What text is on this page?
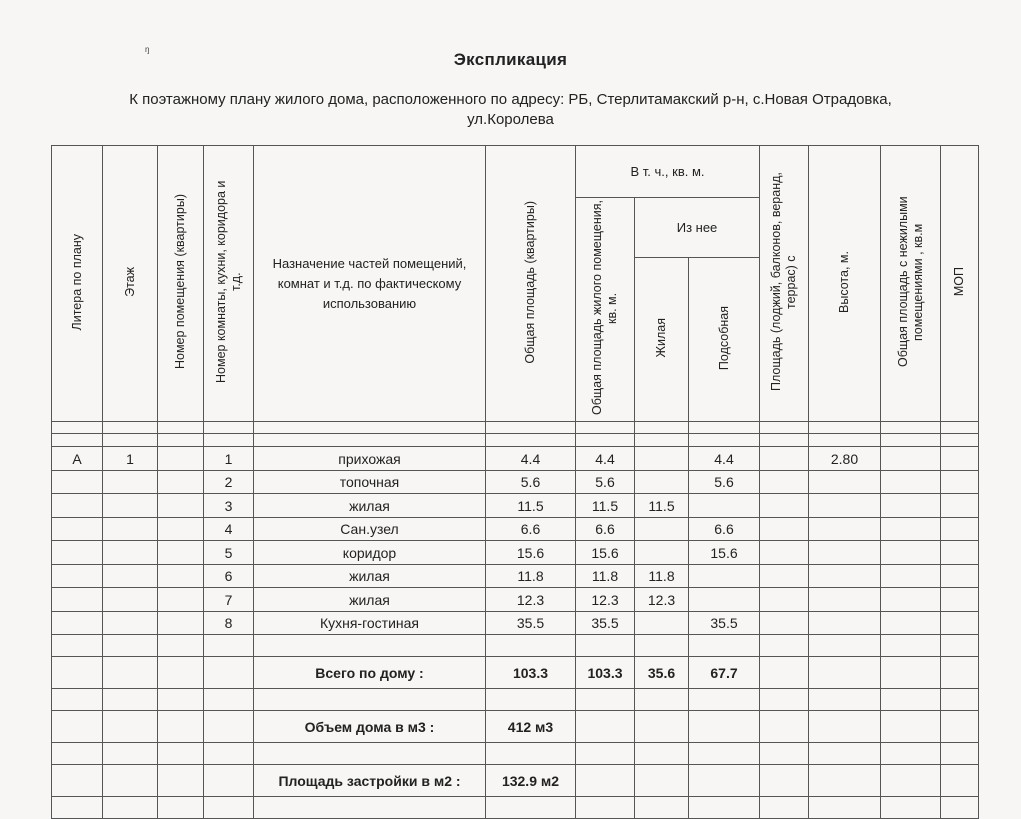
ᵑ	Экспликация
К поэтажному плану жилого дома, расположенного по адресу: РБ, Стерлитамакский р-н, с.Новая Отрадовка,
ул.Королева
Литера по плану	Этаж	Номер помещения (квартиры)	Номер комнаты, кухни, коридора и т.д.	Назначение частей помещений, комнат и т.д. по фактическому использованию	Общая площадь (квартиры)	В т. ч., кв. м.			Площадь (лоджий, балконов, веранд, террас) с	Высота, м.	Общая площадь с нежилыми помещениями , кв.м	МОП
						Общая площадь жилого помещения, кв. м.	Из нее					
							Жилая	Подсобная				

А	1		1	прихожая	4.4	4.4		4.4		2.80		
			2	топочная	5.6	5.6		5.6				
			3	жилая	11.5	11.5	11.5					
			4	Сан.узел	6.6	6.6		6.6				
			5	коридор	15.6	15.6		15.6				
			6	жилая	11.8	11.8	11.8					
			7	жилая	12.3	12.3	12.3					
			8	Кухня-гостиная	35.5	35.5		35.5				

				Всего по дому :	103.3	103.3	35.6	67.7				

				Объем дома в м3 :	412 м3							

				Площадь застройки в м2 :	132.9 м2							
